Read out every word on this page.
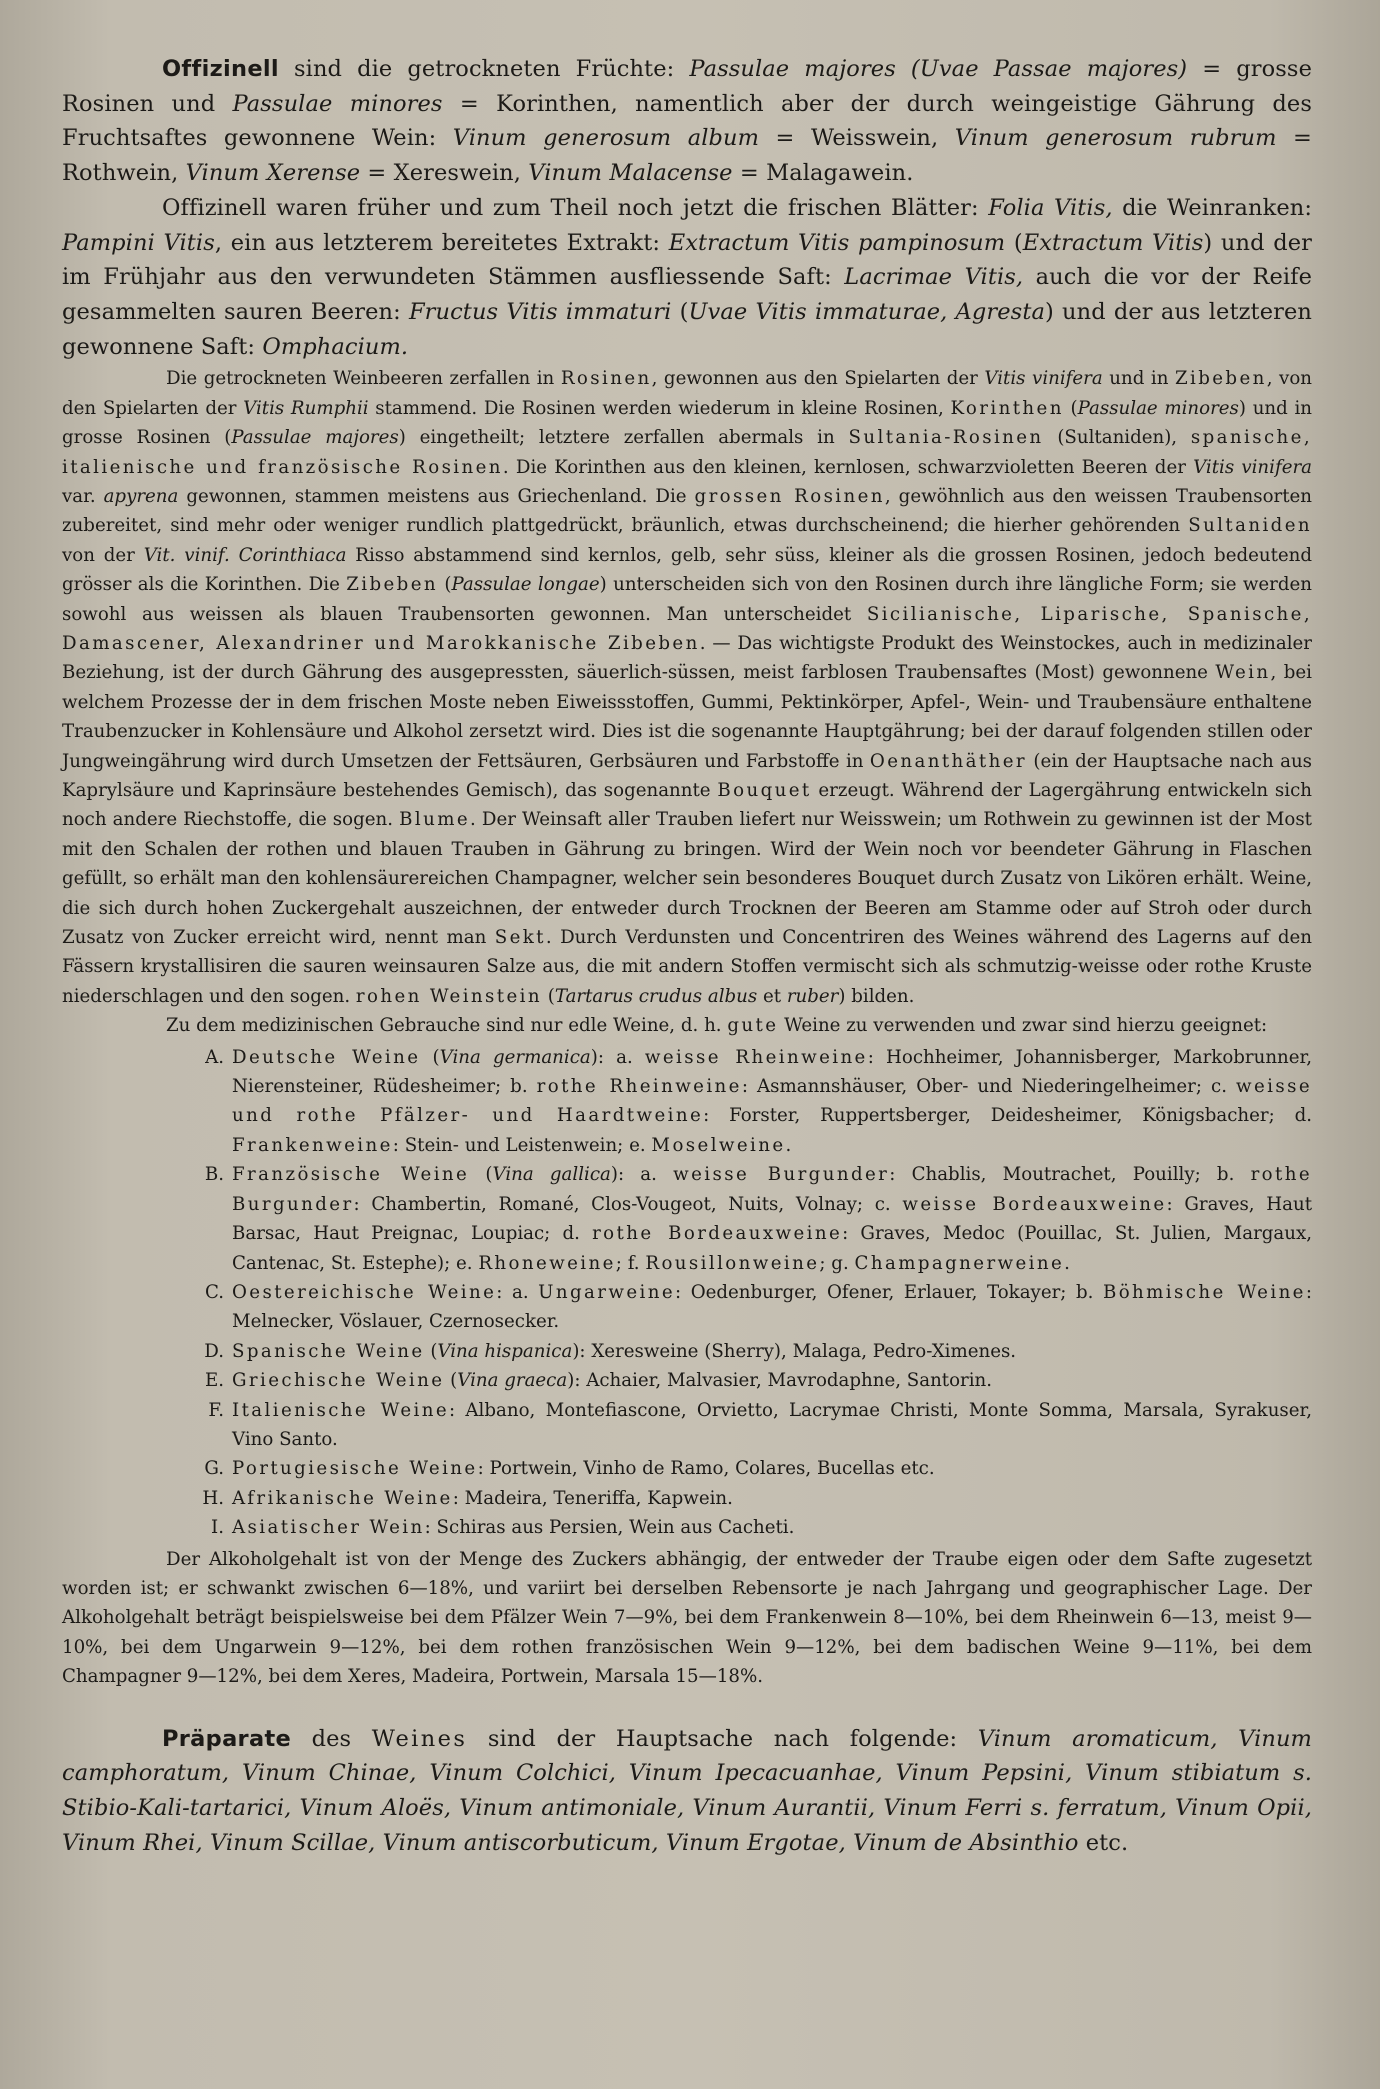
Offizinell sind die getrockneten Früchte: Passulae majores (Uvae Passae majores) = grosse Rosinen und Passulae minores = Korinthen, namentlich aber der durch weingeistige Gährung des Fruchtsaftes gewonnene Wein: Vinum generosum album = Weisswein, Vinum generosum rubrum = Rothwein, Vinum Xerense = Xereswein, Vinum Malacense = Malagawein.

Offizinell waren früher und zum Theil noch jetzt die frischen Blätter: Folia Vitis, die Weinranken: Pampini Vitis, ein aus letzterem bereitetes Extrakt: Extractum Vitis pampinosum (Extractum Vitis) und der im Frühjahr aus den verwundeten Stämmen ausfliessende Saft: Lacrimae Vitis, auch die vor der Reife gesammelten sauren Beeren: Fructus Vitis immaturi (Uvae Vitis immaturae, Agresta) und der aus letzteren gewonnene Saft: Omphacium.

Die getrockneten Weinbeeren zerfallen in Rosinen, gewonnen aus den Spielarten der Vitis vinifera und in Zibeben, von den Spielarten der Vitis Rumphii stammend. Die Rosinen werden wiederum in kleine Rosinen, Korinthen (Passulae minores) und in grosse Rosinen (Passulae majores) eingetheilt; letztere zerfallen abermals in Sultania-Rosinen (Sultaniden), spanische, italienische und französische Rosinen. Die Korinthen aus den kleinen, kernlosen, schwarzvioletten Beeren der Vitis vinifera var. apyrena gewonnen, stammen meistens aus Griechenland. Die grossen Rosinen, gewöhnlich aus den weissen Traubensorten zubereitet, sind mehr oder weniger rundlich plattgedrückt, bräunlich, etwas durchscheinend; die hierher gehörenden Sultaniden von der Vit. vinif. Corinthiaca Risso abstammend sind kernlos, gelb, sehr süss, kleiner als die grossen Rosinen, jedoch bedeutend grösser als die Korinthen. Die Zibeben (Passulae longae) unterscheiden sich von den Rosinen durch ihre längliche Form; sie werden sowohl aus weissen als blauen Traubensorten gewonnen. Man unterscheidet Sicilianische, Liparische, Spanische, Damascener, Alexandriner und Marokkanische Zibeben. — Das wichtigste Produkt des Weinstockes, auch in medizinaler Beziehung, ist der durch Gährung des ausgepressten, säuerlich-süssen, meist farblosen Traubensaftes (Most) gewonnene Wein, bei welchem Prozesse der in dem frischen Moste neben Eiweissstoffen, Gummi, Pektinkörper, Apfel-, Wein- und Traubensäure enthaltene Traubenzucker in Kohlensäure und Alkohol zersetzt wird. Dies ist die sogenannte Hauptgährung; bei der darauf folgenden stillen oder Jungweingährung wird durch Umsetzen der Fettsäuren, Gerbsäuren und Farbstoffe in Oenanthäther (ein der Hauptsache nach aus Kaprylsäure und Kaprinsäure bestehendes Gemisch), das sogenannte Bouquet erzeugt. Während der Lagergährung entwickeln sich noch andere Riechstoffe, die sogen. Blume. Der Weinsaft aller Trauben liefert nur Weisswein; um Rothwein zu gewinnen ist der Most mit den Schalen der rothen und blauen Trauben in Gährung zu bringen. Wird der Wein noch vor beendeter Gährung in Flaschen gefüllt, so erhält man den kohlensäurereichen Champagner, welcher sein besonderes Bouquet durch Zusatz von Likören erhält. Weine, die sich durch hohen Zuckergehalt auszeichnen, der entweder durch Trocknen der Beeren am Stamme oder auf Stroh oder durch Zusatz von Zucker erreicht wird, nennt man Sekt. Durch Verdunsten und Concentriren des Weines während des Lagerns auf den Fässern krystallisiren die sauren weinsauren Salze aus, die mit andern Stoffen vermischt sich als schmutzig-weisse oder rothe Kruste niederschlagen und den sogen. rohen Weinstein (Tartarus crudus albus et ruber) bilden.

Zu dem medizinischen Gebrauche sind nur edle Weine, d. h. gute Weine zu verwenden und zwar sind hierzu geeignet:

A. Deutsche Weine (Vina germanica): a. weisse Rheinweine: Hochheimer, Johannisberger, Markobrunner, Nierensteiner, Rüdesheimer; b. rothe Rheinweine: Asmannshäuser, Ober- und Niederingelheimer; c. weisse und rothe Pfälzer- und Haardtweine: Forster, Ruppertsberger, Deidesheimer, Königsbacher; d. Frankenweine: Stein- und Leistenwein; e. Moselweine.
B. Französische Weine (Vina gallica): a. weisse Burgunder: Chablis, Moutrachet, Pouilly; b. rothe Burgunder: Chambertin, Romané, Clos-Vougeot, Nuits, Volnay; c. weisse Bordeauxweine: Graves, Haut Barsac, Haut Preignac, Loupiac; d. rothe Bordeauxweine: Graves, Medoc (Pouillac, St. Julien, Margaux, Cantenac, St. Estephe); e. Rhoneweine; f. Rousillonweine; g. Champagnerweine.
C. Oestereichische Weine: a. Ungarweine: Oedenburger, Ofener, Erlauer, Tokayer; b. Böhmische Weine: Melnecker, Vöslauer, Czernosecker.
D. Spanische Weine (Vina hispanica): Xeresweine (Sherry), Malaga, Pedro-Ximenes.
E. Griechische Weine (Vina graeca): Achaier, Malvasier, Mavrodaphne, Santorin.
F. Italienische Weine: Albano, Montefiascone, Orvietto, Lacrymae Christi, Monte Somma, Marsala, Syrakuser, Vino Santo.
G. Portugiesische Weine: Portwein, Vinho de Ramo, Colares, Bucellas etc.
H. Afrikanische Weine: Madeira, Teneriffa, Kapwein.
I. Asiatischer Wein: Schiras aus Persien, Wein aus Cacheti.

Der Alkoholgehalt ist von der Menge des Zuckers abhängig, der entweder der Traube eigen oder dem Safte zugesetzt worden ist; er schwankt zwischen 6—18%, und variirt bei derselben Rebensorte je nach Jahrgang und geographischer Lage. Der Alkoholgehalt beträgt beispielsweise bei dem Pfälzer Wein 7—9%, bei dem Frankenwein 8—10%, bei dem Rheinwein 6—13, meist 9—10%, bei dem Ungarwein 9—12%, bei dem rothen französischen Wein 9—12%, bei dem badischen Weine 9—11%, bei dem Champagner 9—12%, bei dem Xeres, Madeira, Portwein, Marsala 15—18%.

Präparate des Weines sind der Hauptsache nach folgende: Vinum aromaticum, Vinum camphoratum, Vinum Chinae, Vinum Colchici, Vinum Ipecacuanhae, Vinum Pepsini, Vinum stibiatum s. Stibio-Kali-tartarici, Vinum Aloës, Vinum antimoniale, Vinum Aurantii, Vinum Ferri s. ferratum, Vinum Opii, Vinum Rhei, Vinum Scillae, Vinum antiscorbuticum, Vinum Ergotae, Vinum de Absinthio etc.
